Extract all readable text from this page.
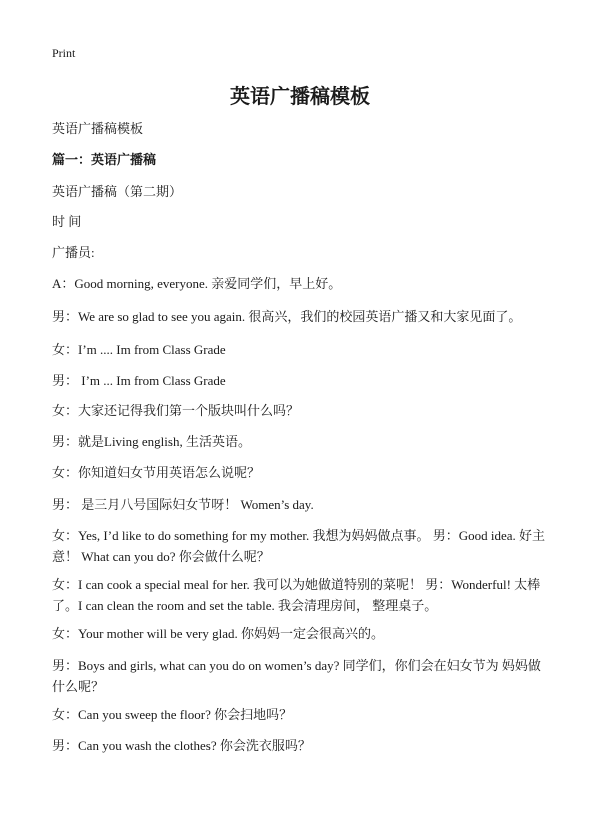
Print
英语广播稿模板
英语广播稿模板
篇一：英语广播稿
英语广播稿（第二期）
时 间
广播员:
A：Good morning, everyone. 亲爱同学们，早上好。
男：We are so glad to see you again. 很高兴，我们的校园英语广播又和大家见面了。
女：I’m .... Im from Class Grade
男： I’m ... Im from Class Grade
女：大家还记得我们第一个版块叫什么吗？
男：就是Living english, 生活英语。
女：你知道妇女节用英语怎么说呢？
男： 是三月八号国际妇女节呀！ Women’s day.
女：Yes, I’d like to do something for my mother. 我想为妈妈做点事。 男：Good idea. 好主意！ What can you do? 你会做什么呢？
女：I can cook a special meal for her. 我可以为她做道特别的菜呢！ 男：Wonderful! 太棒了。I can clean the room and set the table. 我会清理房间， 整理桌子。
女：Your mother will be very glad. 你妈妈一定会很高兴的。
男：Boys and girls, what can you do on women’s day? 同学们，你们会在妇女节为 妈妈做什么呢？
女：Can you sweep the floor? 你会扫地吗？
男：Can you wash the clothes? 你会洗衣服吗？
